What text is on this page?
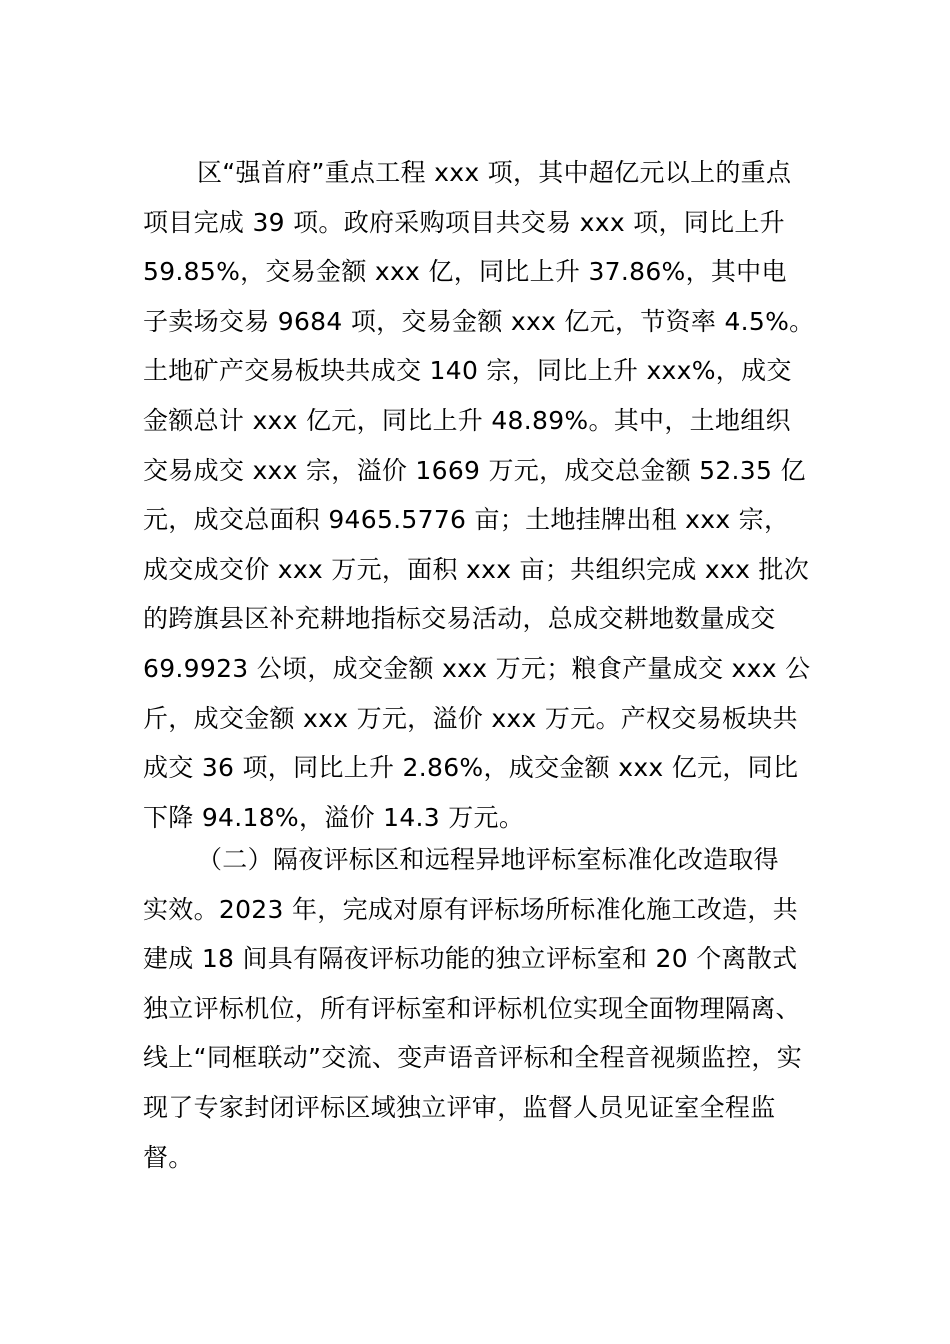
区“强首府”重点工程 xxx 项，其中超亿元以上的重点
项目完成 39 项。政府采购项目共交易 xxx 项，同比上升
59.85%，交易金额 xxx 亿，同比上升 37.86%，其中电
子卖场交易 9684 项，交易金额 xxx 亿元，节资率 4.5%。
土地矿产交易板块共成交 140 宗，同比上升 xxx%，成交
金额总计 xxx 亿元，同比上升 48.89%。其中，土地组织
交易成交 xxx 宗，溢价 1669 万元，成交总金额 52.35 亿
元，成交总面积 9465.5776 亩；土地挂牌出租 xxx 宗，
成交成交价 xxx 万元，面积 xxx 亩；共组织完成 xxx 批次
的跨旗县区补充耕地指标交易活动，总成交耕地数量成交
69.9923 公顷，成交金额 xxx 万元；粮食产量成交 xxx 公
斤，成交金额 xxx 万元，溢价 xxx 万元。产权交易板块共
成交 36 项，同比上升 2.86%，成交金额 xxx 亿元，同比
下降 94.18%，溢价 14.3 万元。
（二）隔夜评标区和远程异地评标室标准化改造取得
实效。2023 年，完成对原有评标场所标准化施工改造，共
建成 18 间具有隔夜评标功能的独立评标室和 20 个离散式
独立评标机位，所有评标室和评标机位实现全面物理隔离、
线上“同框联动”交流、变声语音评标和全程音视频监控，实
现了专家封闭评标区域独立评审，监督人员见证室全程监
督。
